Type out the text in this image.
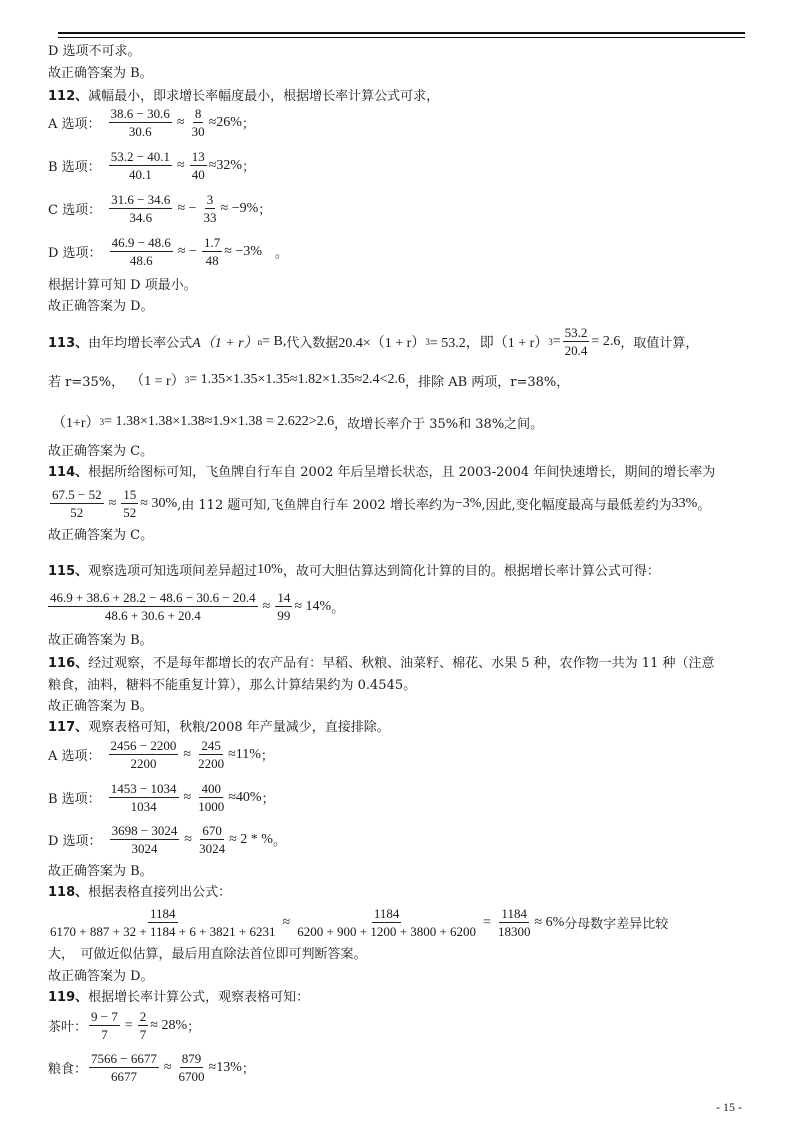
D 选项不可求。
故正确答案为 B。
112、减幅最小，即求增长率幅度最小，根据增长率计算公式可求，
A 选项： $\frac{38.6 - 30.6}{30.6} \approx \frac{8}{30} \approx 26\%$ ；
B 选项： $\frac{53.2 - 40.1}{40.1} \approx \frac{13}{40} \approx 32\%$ ；
C 选项： $\frac{31.6 - 34.6}{34.6}$ ≈ − $\frac{3}{33} \approx -9\%$ ；
D 选项： $\frac{46.9 - 48.6}{48.6}$ ≈ − $\frac{1.7}{48} \approx -3\%$ 　。
根据计算可知 D 项最小。
故正确答案为 D。
113、 由年均增长率公式 A（1 + r） n = B, 代入数据 20.4×（1 + r） 3 = 53.2，即（1 + r） $3 = \frac{53.2}{20.4} = 2.6$ ，取值计算，
若 r=35%， （1 = r） 3 = 1.35×1.35×1.35≈1.82×1.35≈2.4<2.6 ，排除 AB 两项，r=38%，
（1+r） 3 = 1.38×1.38×1.38≈1.9×1.38 = 2.622>2.6 ，故增长率介于 35%和 38%之间。
故正确答案为 C。
114、根据所给图标可知，飞鱼牌自行车自 2002 年后呈增长状态，且 2003-2004 年间快速增长，期间的增长率为
$\frac{67.5 - 52}{52} \approx \frac{15}{52} \approx 30\%$ ,由 112 题可知,飞鱼牌自行车 2002 增长率约为 −3% ,因此,变化幅度最高与最低差约为 33% 。
故正确答案为 C。
115、 观察选项可知选项间差异超过 10% ，故可大胆估算达到简化计算的目的。根据增长率计算公式可得：
$\frac{46.9 + 38.6 + 28.2 - 48.6 - 30.6 - 20.4}{48.6 + 30.6 + 20.4} \approx \frac{14}{99} \approx 14\%$ 。
故正确答案为 B。
116、经过观察，不是每年都增长的农产品有：早稻、秋粮、油菜籽、棉花、水果 5 种，农作物一共为 11 种（注意
粮食，油料，糖料不能重复计算），那么计算结果约为 0.4545。
故正确答案为 B。
117、观察表格可知，秋粮/2008 年产量减少，直接排除。
A 选项： $\frac{2456 - 2200}{2200} \approx \frac{245}{2200} \approx 11\%$ ；
B 选项： $\frac{1453 - 1034}{1034} \approx \frac{400}{1000} \approx 40\%$ ；
D 选项： $\frac{3698 - 3024}{3024} \approx \frac{670}{3024} \approx 2$ * % 。
故正确答案为 B。
118、根据表格直接列出公式：
$\frac{1184}{6170 + 887 + 32 + 1184 + 6 + 3821 + 6231} \approx \frac{1184}{6200 + 900 + 1200 + 3800 + 6200} = \frac{1184}{18300} \approx 6\%$ 分母数字差异比较
大，　可做近似估算，最后用直除法首位即可判断答案。
故正确答案为 D。
119、根据增长率计算公式，观察表格可知：
茶叶： $\frac{9 - 7}{7} = \frac{2}{7} \approx 28\%$ ；
粮食： $\frac{7566 - 6677}{6677} \approx \frac{879}{6700} \approx 13\%$ ；
- 15 -
